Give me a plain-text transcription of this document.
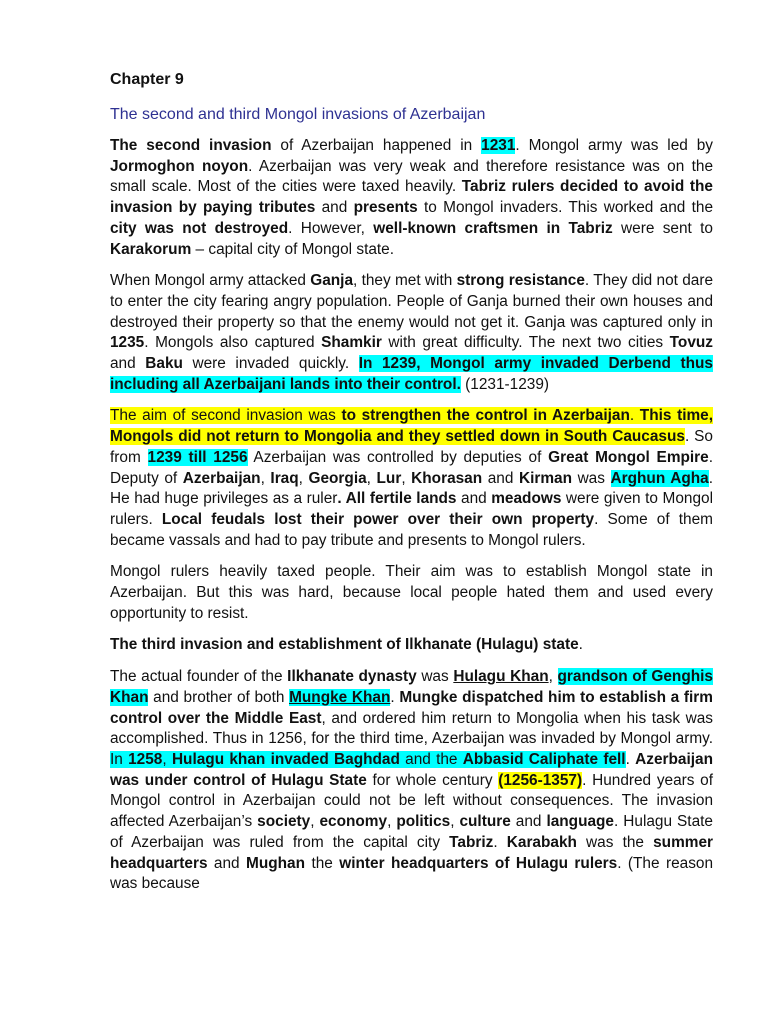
Chapter 9
The second and third Mongol invasions of Azerbaijan

The second invasion of Azerbaijan happened in 1231. Mongol army was led by Jormoghon noyon. Azerbaijan was very weak and therefore resistance was on the small scale. Most of the cities were taxed heavily. Tabriz rulers decided to avoid the invasion by paying tributes and presents to Mongol invaders. This worked and the city was not destroyed. However, well-known craftsmen in Tabriz were sent to Karakorum – capital city of Mongol state.

When Mongol army attacked Ganja, they met with strong resistance. They did not dare to enter the city fearing angry population. People of Ganja burned their own houses and destroyed their property so that the enemy would not get it. Ganja was captured only in 1235. Mongols also captured Shamkir with great difficulty. The next two cities Tovuz and Baku were invaded quickly. In 1239, Mongol army invaded Derbend thus including all Azerbaijani lands into their control. (1231-1239)

The aim of second invasion was to strengthen the control in Azerbaijan. This time, Mongols did not return to Mongolia and they settled down in South Caucasus. So from 1239 till 1256 Azerbaijan was controlled by deputies of Great Mongol Empire. Deputy of Azerbaijan, Iraq, Georgia, Lur, Khorasan and Kirman was Arghun Agha. He had huge privileges as a ruler. All fertile lands and meadows were given to Mongol rulers. Local feudals lost their power over their own property. Some of them became vassals and had to pay tribute and presents to Mongol rulers.

Mongol rulers heavily taxed people. Their aim was to establish Mongol state in Azerbaijan. But this was hard, because local people hated them and used every opportunity to resist.

The third invasion and establishment of Ilkhanate (Hulagu) state.

The actual founder of the Ilkhanate dynasty was Hulagu Khan, grandson of Genghis Khan and brother of both Mungke Khan. Mungke dispatched him to establish a firm control over the Middle East, and ordered him return to Mongolia when his task was accomplished. Thus in 1256, for the third time, Azerbaijan was invaded by Mongol army. In 1258, Hulagu khan invaded Baghdad and the Abbasid Caliphate fell. Azerbaijan was under control of Hulagu State for whole century (1256-1357). Hundred years of Mongol control in Azerbaijan could not be left without consequences. The invasion affected Azerbaijan’s society, economy, politics, culture and language. Hulagu State of Azerbaijan was ruled from the capital city Tabriz. Karabakh was the summer headquarters and Mughan the winter headquarters of Hulagu rulers. (The reason was because
